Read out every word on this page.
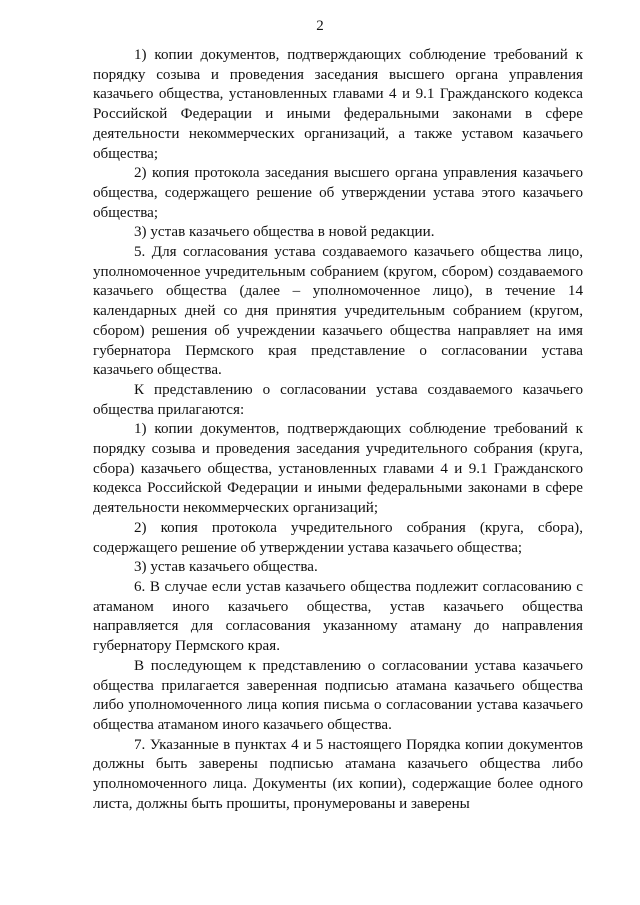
2

1) копии документов, подтверждающих соблюдение требований к порядку созыва и проведения заседания высшего органа управления казачьего общества, установленных главами 4 и 9.1 Гражданского кодекса Российской Федерации и иными федеральными законами в сфере деятельности некоммерческих организаций, а также уставом казачьего общества;

2) копия протокола заседания высшего органа управления казачьего общества, содержащего решение об утверждении устава этого казачьего общества;

3) устав казачьего общества в новой редакции.

5. Для согласования устава создаваемого казачьего общества лицо, уполномоченное учредительным собранием (кругом, сбором) создаваемого казачьего общества (далее – уполномоченное лицо), в течение 14 календарных дней со дня принятия учредительным собранием (кругом, сбором) решения об учреждении казачьего общества направляет на имя губернатора Пермского края представление о согласовании устава казачьего общества.

К представлению о согласовании устава создаваемого казачьего общества прилагаются:

1) копии документов, подтверждающих соблюдение требований к порядку созыва и проведения заседания учредительного собрания (круга, сбора) казачьего общества, установленных главами 4 и 9.1 Гражданского кодекса Российской Федерации и иными федеральными законами в сфере деятельности некоммерческих организаций;

2) копия протокола учредительного собрания (круга, сбора), содержащего решение об утверждении устава казачьего общества;

3) устав казачьего общества.

6. В случае если устав казачьего общества подлежит согласованию с атаманом иного казачьего общества, устав казачьего общества направляется для согласования указанному атаману до направления губернатору Пермского края.

В последующем к представлению о согласовании устава казачьего общества прилагается заверенная подписью атамана казачьего общества либо уполномоченного лица копия письма о согласовании устава казачьего общества атаманом иного казачьего общества.

7. Указанные в пунктах 4 и 5 настоящего Порядка копии документов должны быть заверены подписью атамана казачьего общества либо уполномоченного лица. Документы (их копии), содержащие более одного листа, должны быть прошиты, пронумерованы и заверены
